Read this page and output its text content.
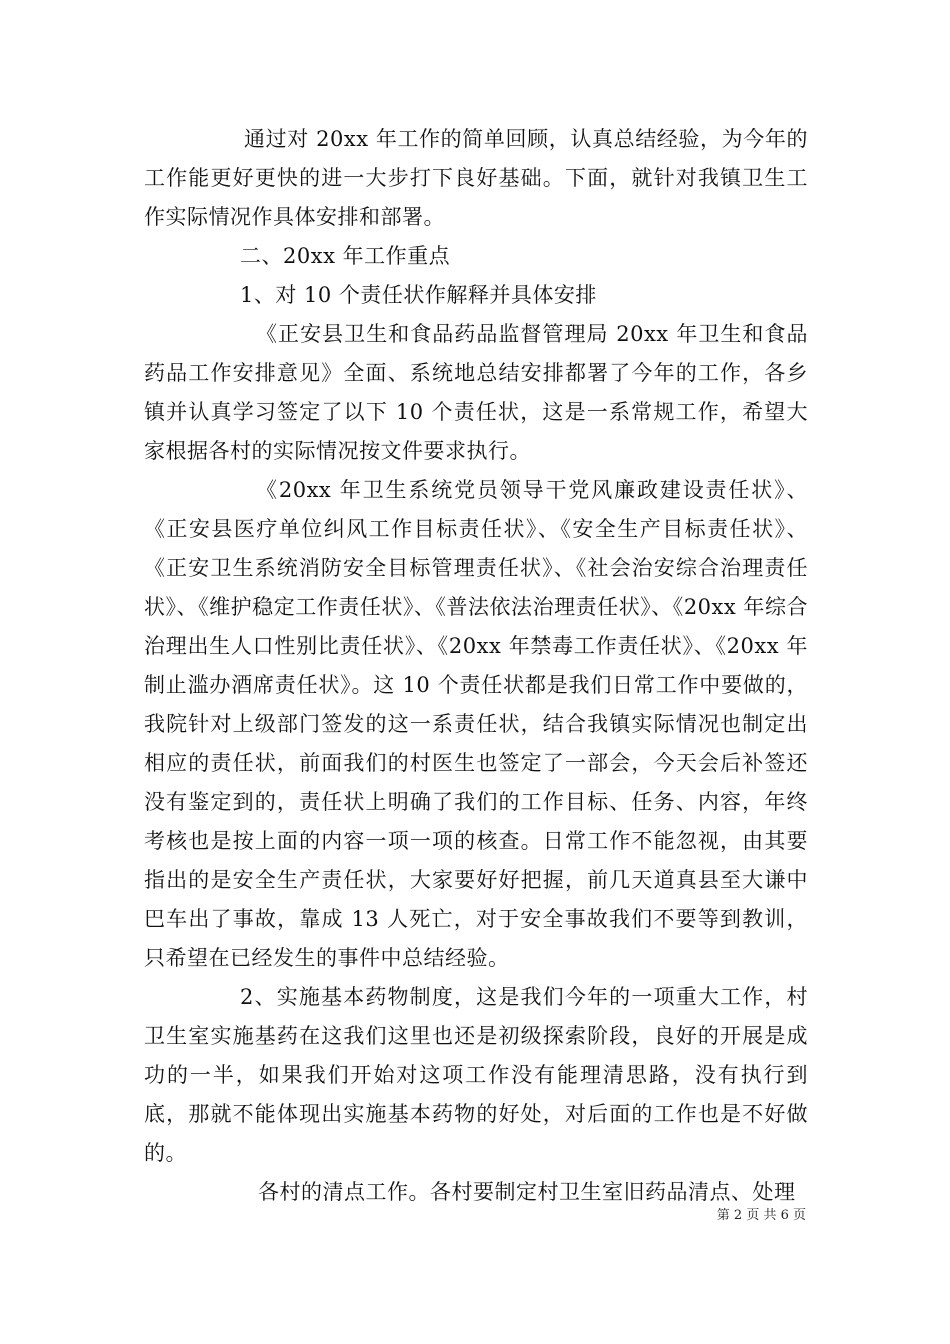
通过对 20xx 年工作的简单回顾，认真总结经验，为今年的工作能更好更快的进一大步打下良好基础。下面，就针对我镇卫生工作实际情况作具体安排和部署。

二、20xx 年工作重点

1、对 10 个责任状作解释并具体安排

《正安县卫生和食品药品监督管理局 20xx 年卫生和食品药品工作安排意见》全面、系统地总结安排都署了今年的工作，各乡镇并认真学习签定了以下 10 个责任状，这是一系常规工作，希望大家根据各村的实际情况按文件要求执行。

《20xx 年卫生系统党员领导干党风廉政建设责任状》、《正安县医疗单位纠风工作目标责任状》、《安全生产目标责任状》、《正安卫生系统消防安全目标管理责任状》、《社会治安综合治理责任状》、《维护稳定工作责任状》、《普法依法治理责任状》、《20xx 年综合治理出生人口性别比责任状》、《20xx 年禁毒工作责任状》、《20xx 年制止滥办酒席责任状》。这 10 个责任状都是我们日常工作中要做的，我院针对上级部门签发的这一系责任状，结合我镇实际情况也制定出相应的责任状，前面我们的村医生也签定了一部会，今天会后补签还没有鉴定到的，责任状上明确了我们的工作目标、任务、内容，年终考核也是按上面的内容一项一项的核查。日常工作不能忽视，由其要指出的是安全生产责任状，大家要好好把握，前几天道真县至大谦中巴车出了事故，靠成 13 人死亡，对于安全事故我们不要等到教训，只希望在已经发生的事件中总结经验。

2、实施基本药物制度，这是我们今年的一项重大工作，村卫生室实施基药在这我们这里也还是初级探索阶段，良好的开展是成功的一半，如果我们开始对这项工作没有能理清思路，没有执行到底，那就不能体现出实施基本药物的好处，对后面的工作也是不好做的。

各村的清点工作。各村要制定村卫生室旧药品清点、处理

第 2 页 共 6 页
